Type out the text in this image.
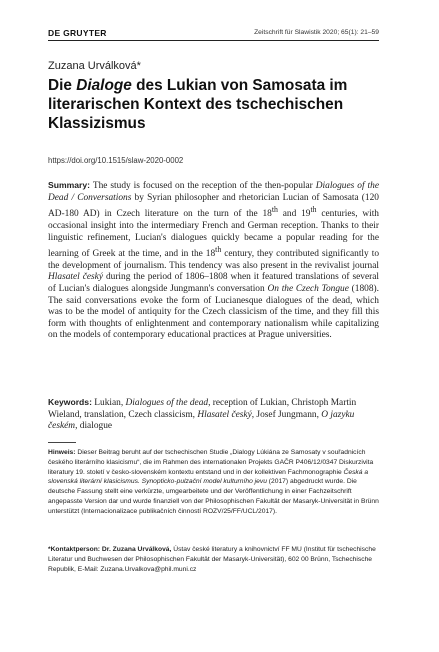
DE GRUYTER	Zeitschrift für Slawistik 2020; 65(1): 21–59
Zuzana Urválková*
Die Dialoge des Lukian von Samosata im literarischen Kontext des tschechischen Klassizismus
https://doi.org/10.1515/slaw-2020-0002

Summary: The study is focused on the reception of the then-popular Dialogues of the Dead / Conversations by Syrian philosopher and rhetorician Lucian of Samosata (120 AD-180 AD) in Czech literature on the turn of the 18th and 19th centuries, with occasional insight into the intermediary French and German reception. Thanks to their linguistic refinement, Lucian's dialogues quickly became a popular reading for the learning of Greek at the time, and in the 18th century, they contributed significantly to the development of journalism. This tendency was also present in the revivalist journal Hlasatel český during the period of 1806–1808 when it featured translations of several of Lucian's dialogues alongside Jungmann's conversation On the Czech Tongue (1808). The said conversations evoke the form of Lucianesque dialogues of the dead, which was to be the model of antiquity for the Czech classicism of the time, and they fill this form with thoughts of enlightenment and contemporary nationalism while capitalizing on the models of contemporary educational practices at Prague universities.

Keywords: Lukian, Dialogues of the dead, reception of Lukian, Christoph Martin Wieland, translation, Czech classicism, Hlasatel český, Josef Jungmann, O jazyku českém, dialogue

Hinweis: Dieser Beitrag beruht auf der tschechischen Studie „Dialogy Lúkiána ze Samosaty v souřadnicích českého literárního klasicismu“, die im Rahmen des internationalen Projekts GAČR P406/12/0347 Diskurzivita literatury 19. století v česko-slovenském kontextu entstand und in der kollektiven Fachmonographie Česká a slovenská literární klasicismus. Synopticko-pulzační model kulturního jevu (2017) abgedruckt wurde. Die deutsche Fassung stellt eine verkürzte, umgearbeitete und der Veröffentlichung in einer Fachzeitschrift angepasste Version dar und wurde finanziell von der Philosophischen Fakultät der Masaryk-Universität in Brünn unterstützt (Internacionalizace publikačních činností ROZV/25/FF/UCL/2017).

*Kontaktperson: Dr. Zuzana Urválková, Ústav české literatury a knihovnictví FF MU (Institut für tschechische Literatur und Buchwesen der Philosophischen Fakultät der Masaryk-Universität), 602 00 Brünn, Tschechische Republik, E-Mail: Zuzana.Urvalkova@phil.muni.cz
